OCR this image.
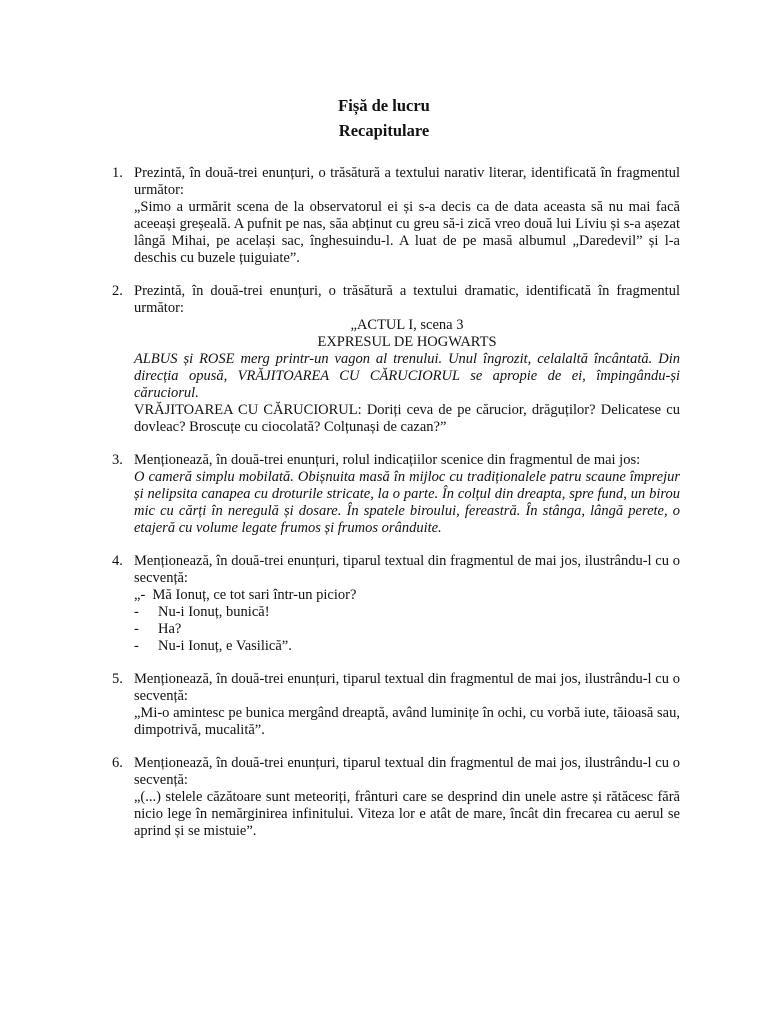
Fișă de lucru
Recapitulare
1. Prezintă, în două-trei enunțuri, o trăsătură a textului narativ literar, identificată în fragmentul următor:
„Simo a urmărit scena de la observatorul ei și s-a decis ca de data aceasta să nu mai facă aceeași greșeală. A pufnit pe nas, săa abținut cu greu să-i zică vreo două lui Liviu și s-a așezat lângă Mihai, pe același sac, înghesuindu-l. A luat de pe masă albumul „Daredevil” și l-a deschis cu buzele țuiguiate”.
2. Prezintă, în două-trei enunțuri, o trăsătură a textului dramatic, identificată în fragmentul următor:
„ACTUL I, scena 3
EXPRESUL DE HOGWARTS
ALBUS și ROSE merg printr-un vagon al trenului. Unul îngrozit, celalaltă încântată. Din direcția opusă, VRĂJITOAREA CU CĂRUCIORUL se apropie de ei, împingându-și căruciorul.
VRĂJITOAREA CU CĂRUCIORUL: Doriți ceva de pe cărucior, drăguților? Delicatese cu dovleac? Broscuțe cu ciocolată? Colțunași de cazan?”
3. Menționează, în două-trei enunțuri, rolul indicațiilor scenice din fragmentul de mai jos:
O cameră simplu mobilată. Obișnuita masă în mijloc cu tradiționalele patru scaune împrejur și nelipsita canapea cu droturile stricate, la o parte. În colțul din dreapta, spre fund, un birou mic cu cărți în neregulă și dosare. În spatele biroului, fereastră. În stânga, lângă perete, o etajeră cu volume legate frumos și frumos orânduite.
4. Menționează, în două-trei enunțuri, tiparul textual din fragmentul de mai jos, ilustrându-l cu o secvență:
„- Mă Ionuț, ce tot sari într-un picior?
- Nu-i Ionuț, bunică!
- Ha?
- Nu-i Ionuț, e Vasilică”.
5. Menționează, în două-trei enunțuri, tiparul textual din fragmentul de mai jos, ilustrându-l cu o secvență:
„Mi-o amintesc pe bunica mergând dreaptă, având luminițe în ochi, cu vorbă iute, tăioasă sau, dimpotrivă, mucalită”.
6. Menționează, în două-trei enunțuri, tiparul textual din fragmentul de mai jos, ilustrându-l cu o secvență:
„(...) stelele căzătoare sunt meteoriți, frânturi care se desprind din unele astre și rătăcesc fără nicio lege în nemărginirea infinitului. Viteza lor e atât de mare, încât din frecarea cu aerul se aprind și se mistuie”.
